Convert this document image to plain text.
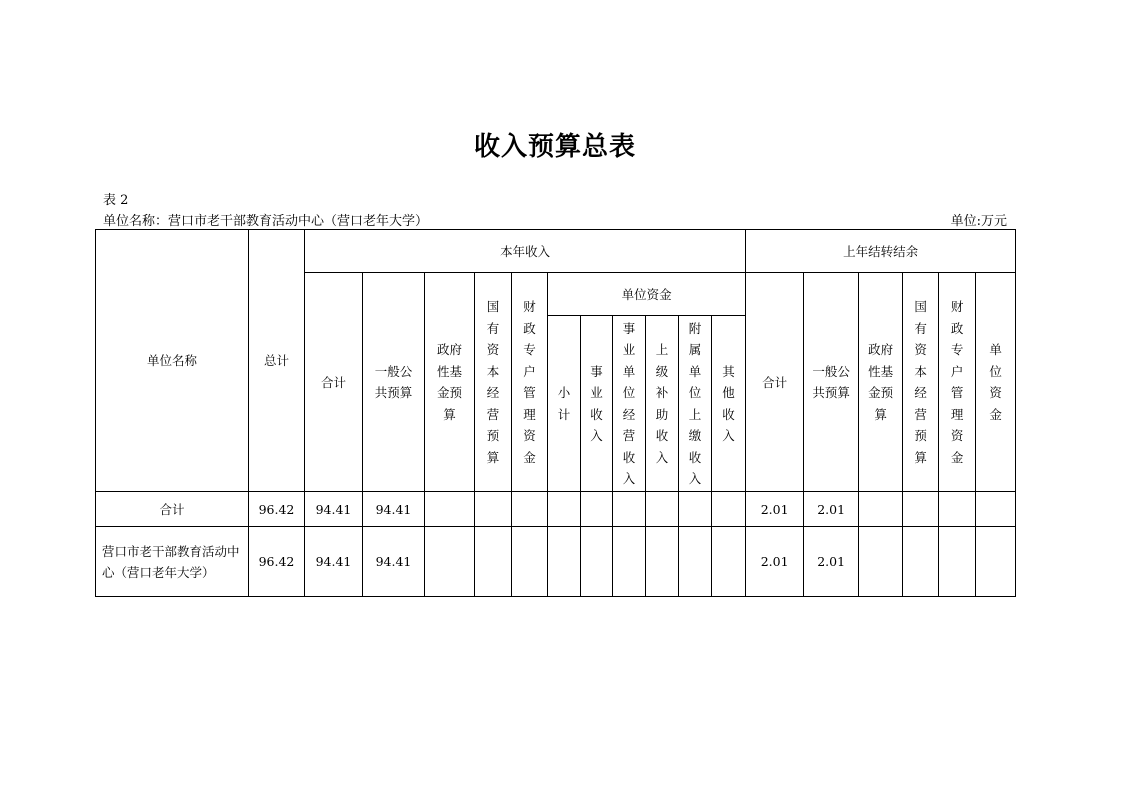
收入预算总表
表 2
单位名称：营口市老干部教育活动中心（营口老年大学）	单位:万元
单位名称	总计	本年收入											上年结转结余					
		合计	一般公共预算	政府性基金预算	国有资本经营预算	财政专户管理资金	单位资金						合计	一般公共预算	政府性基金预算	国有资本经营预算	财政专户管理资金	单位资金
							小计	事业收入	事业单位经营收入	上级补助收入	附属单位上缴收入	其他收入						
合计	96.42	94.41	94.41										2.01	2.01				
营口市老干部教育活动中心（营口老年大学）	96.42	94.41	94.41										2.01	2.01				
